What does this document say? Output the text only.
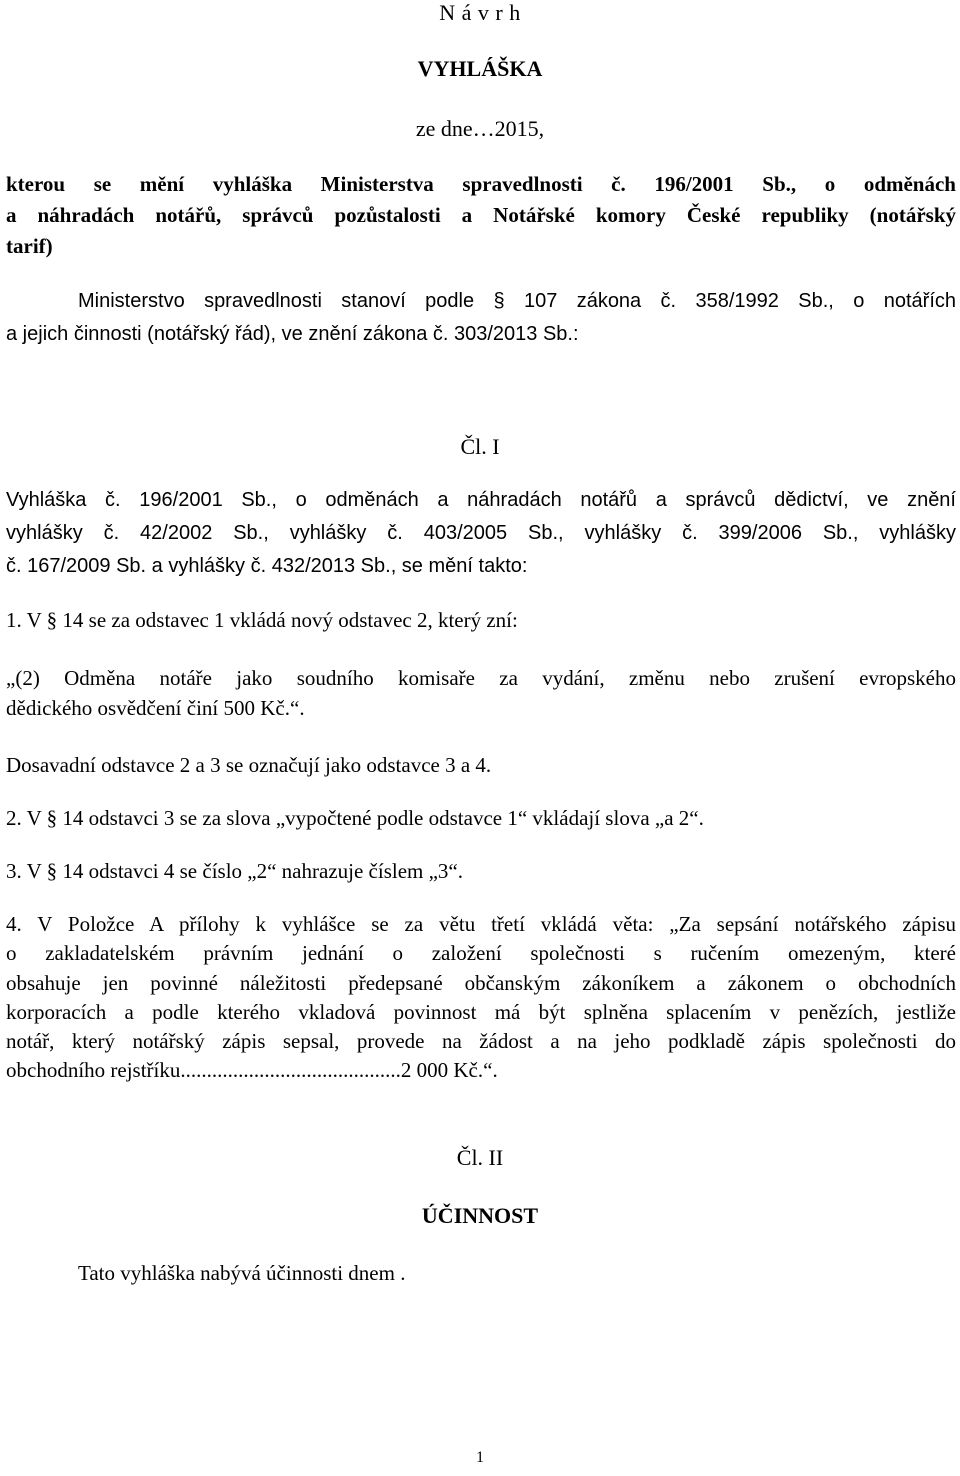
N á v r h

VYHLÁŠKA

ze dne…2015,

kterou se mění vyhláška Ministerstva spravedlnosti č. 196/2001 Sb., o odměnách
a náhradách notářů, správců pozůstalosti a Notářské komory České republiky (notářský
tarif)
Ministerstvo spravedlnosti stanoví podle § 107 zákona č. 358/1992 Sb., o notářích
a jejich činnosti (notářský řád), ve znění zákona č. 303/2013 Sb.:

Čl. I

Vyhláška č. 196/2001 Sb., o odměnách a náhradách notářů a správců dědictví, ve znění
vyhlášky č. 42/2002 Sb., vyhlášky č. 403/2005 Sb., vyhlášky č. 399/2006 Sb., vyhlášky
č. 167/2009 Sb. a vyhlášky č. 432/2013 Sb., se mění takto:

1. V § 14 se za odstavec 1 vkládá nový odstavec 2, který zní:

„(2) Odměna notáře jako soudního komisaře za vydání, změnu nebo zrušení evropského
dědického osvědčení činí 500 Kč.“.

Dosavadní odstavce 2 a 3 se označují jako odstavce 3 a 4.

2. V § 14 odstavci 3 se za slova „vypočtené podle odstavce 1“ vkládají slova „a 2“.

3. V § 14 odstavci 4 se číslo „2“ nahrazuje číslem „3“.

4. V Položce A přílohy k vyhlášce se za větu třetí vkládá věta: „Za sepsání notářského zápisu
o zakladatelském právním jednání o založení společnosti s ručením omezeným, které
obsahuje jen povinné náležitosti předepsané občanským zákoníkem a zákonem o obchodních
korporacích a podle kterého vkladová povinnost má být splněna splacením v penězích, jestliže
notář, který notářský zápis sepsal, provede na žádost a na jeho podkladě zápis společnosti do
obchodního rejstříku..........................................2 000 Kč.“.

Čl. II

ÚČINNOST

Tato vyhláška nabývá účinnosti dnem .

1
